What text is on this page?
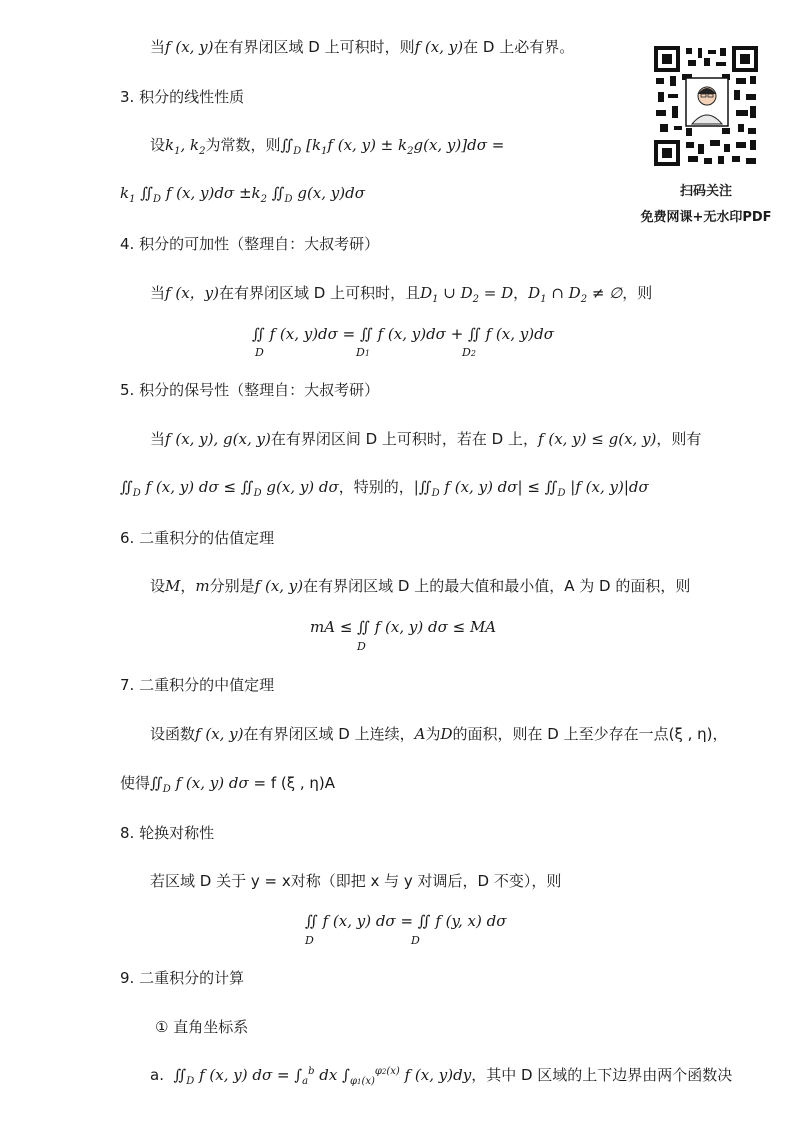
扫码关注
免费网课+无水印PDF
当f (x, y)在有界闭区域 D 上可积时，则f (x, y)在 D 上必有界。
3. 积分的线性性质
设$k_1$, $k_2$为常数，则$∬_D$ [$k_1f$ (x, $y) \pm k_2g(x$, y)]dσ =
$k_1$ $∬_D$ f (x, $y)d\sigma \pm k_2$ $∬_D$ g(x, y)dσ
4. 积分的可加性（整理自：大叔考研）
当f (x，y)在有界闭区域 D 上可积时，且$D_1$ ∪ $D_2 = D$，$D_1$ ∩ $D_2$ ≠ ∅，则
∬ f (x, y)dσ = ∬ f (x, y)dσ + ∬ f (x, y)dσ
D	D1	D2
5. 积分的保号性（整理自：大叔考研）
当f (x, y), g(x, y)在有界闭区间 D 上可积时，若在 D 上，f (x, y) ≤ g(x, y)，则有
$∬_D$ f (x, y) $d\sigma \le ∬_D$ g(x, y) dσ，特别的，$|∬_D$ f (x, y) $d\sigma| \le ∬_D$ |f (x, y)|dσ
6. 二重积分的估值定理
设M，m分别是f (x, y)在有界闭区域 D 上的最大值和最小值，A 为 D 的面积，则
mA ≤ ∬ f (x, y) dσ ≤ MA
D
7. 二重积分的中值定理
设函数f (x, y)在有界闭区域 D 上连续，A为D的面积，则在 D 上至少存在一点(ξ , η)，
使得$∬_D$ f (x, y) dσ = f (ξ , η)A
8. 轮换对称性
若区域 D 关于 y = x对称（即把 x 与 y 对调后，D 不变），则
∬ f (x, y) dσ = ∬ f (y, x) dσ
D	D
9. 二重积分的计算
① 直角坐标系
a. $∬_D$ f (x, y) $d\sigma = \int_a^b$ dx $\int_{\varphi 1(x)}^{\varphi 2(x)}$ f (x, y)dy，其中 D 区域的上下边界由两个函数决
